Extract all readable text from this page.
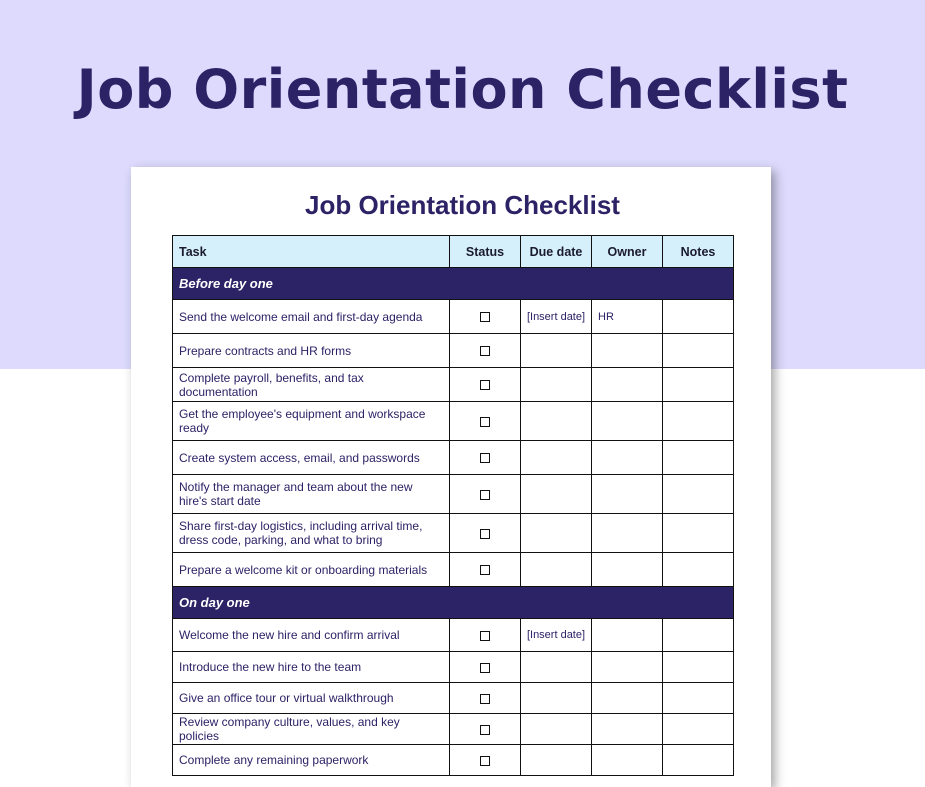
Job Orientation Checklist
Job Orientation Checklist
Task	Status	Due date	Owner	Notes
Before day one				
Send the welcome email and first-day agenda		[Insert date]	HR	
Prepare contracts and HR forms				
Complete payroll, benefits, and tax documentation				
Get the employee's equipment and workspace ready				
Create system access, email, and passwords				
Notify the manager and team about the new hire's start date				
Share first-day logistics, including arrival time, dress code, parking, and what to bring				
Prepare a welcome kit or onboarding materials				
On day one				
Welcome the new hire and confirm arrival		[Insert date]		
Introduce the new hire to the team				
Give an office tour or virtual walkthrough				
Review company culture, values, and key policies				
Complete any remaining paperwork				
